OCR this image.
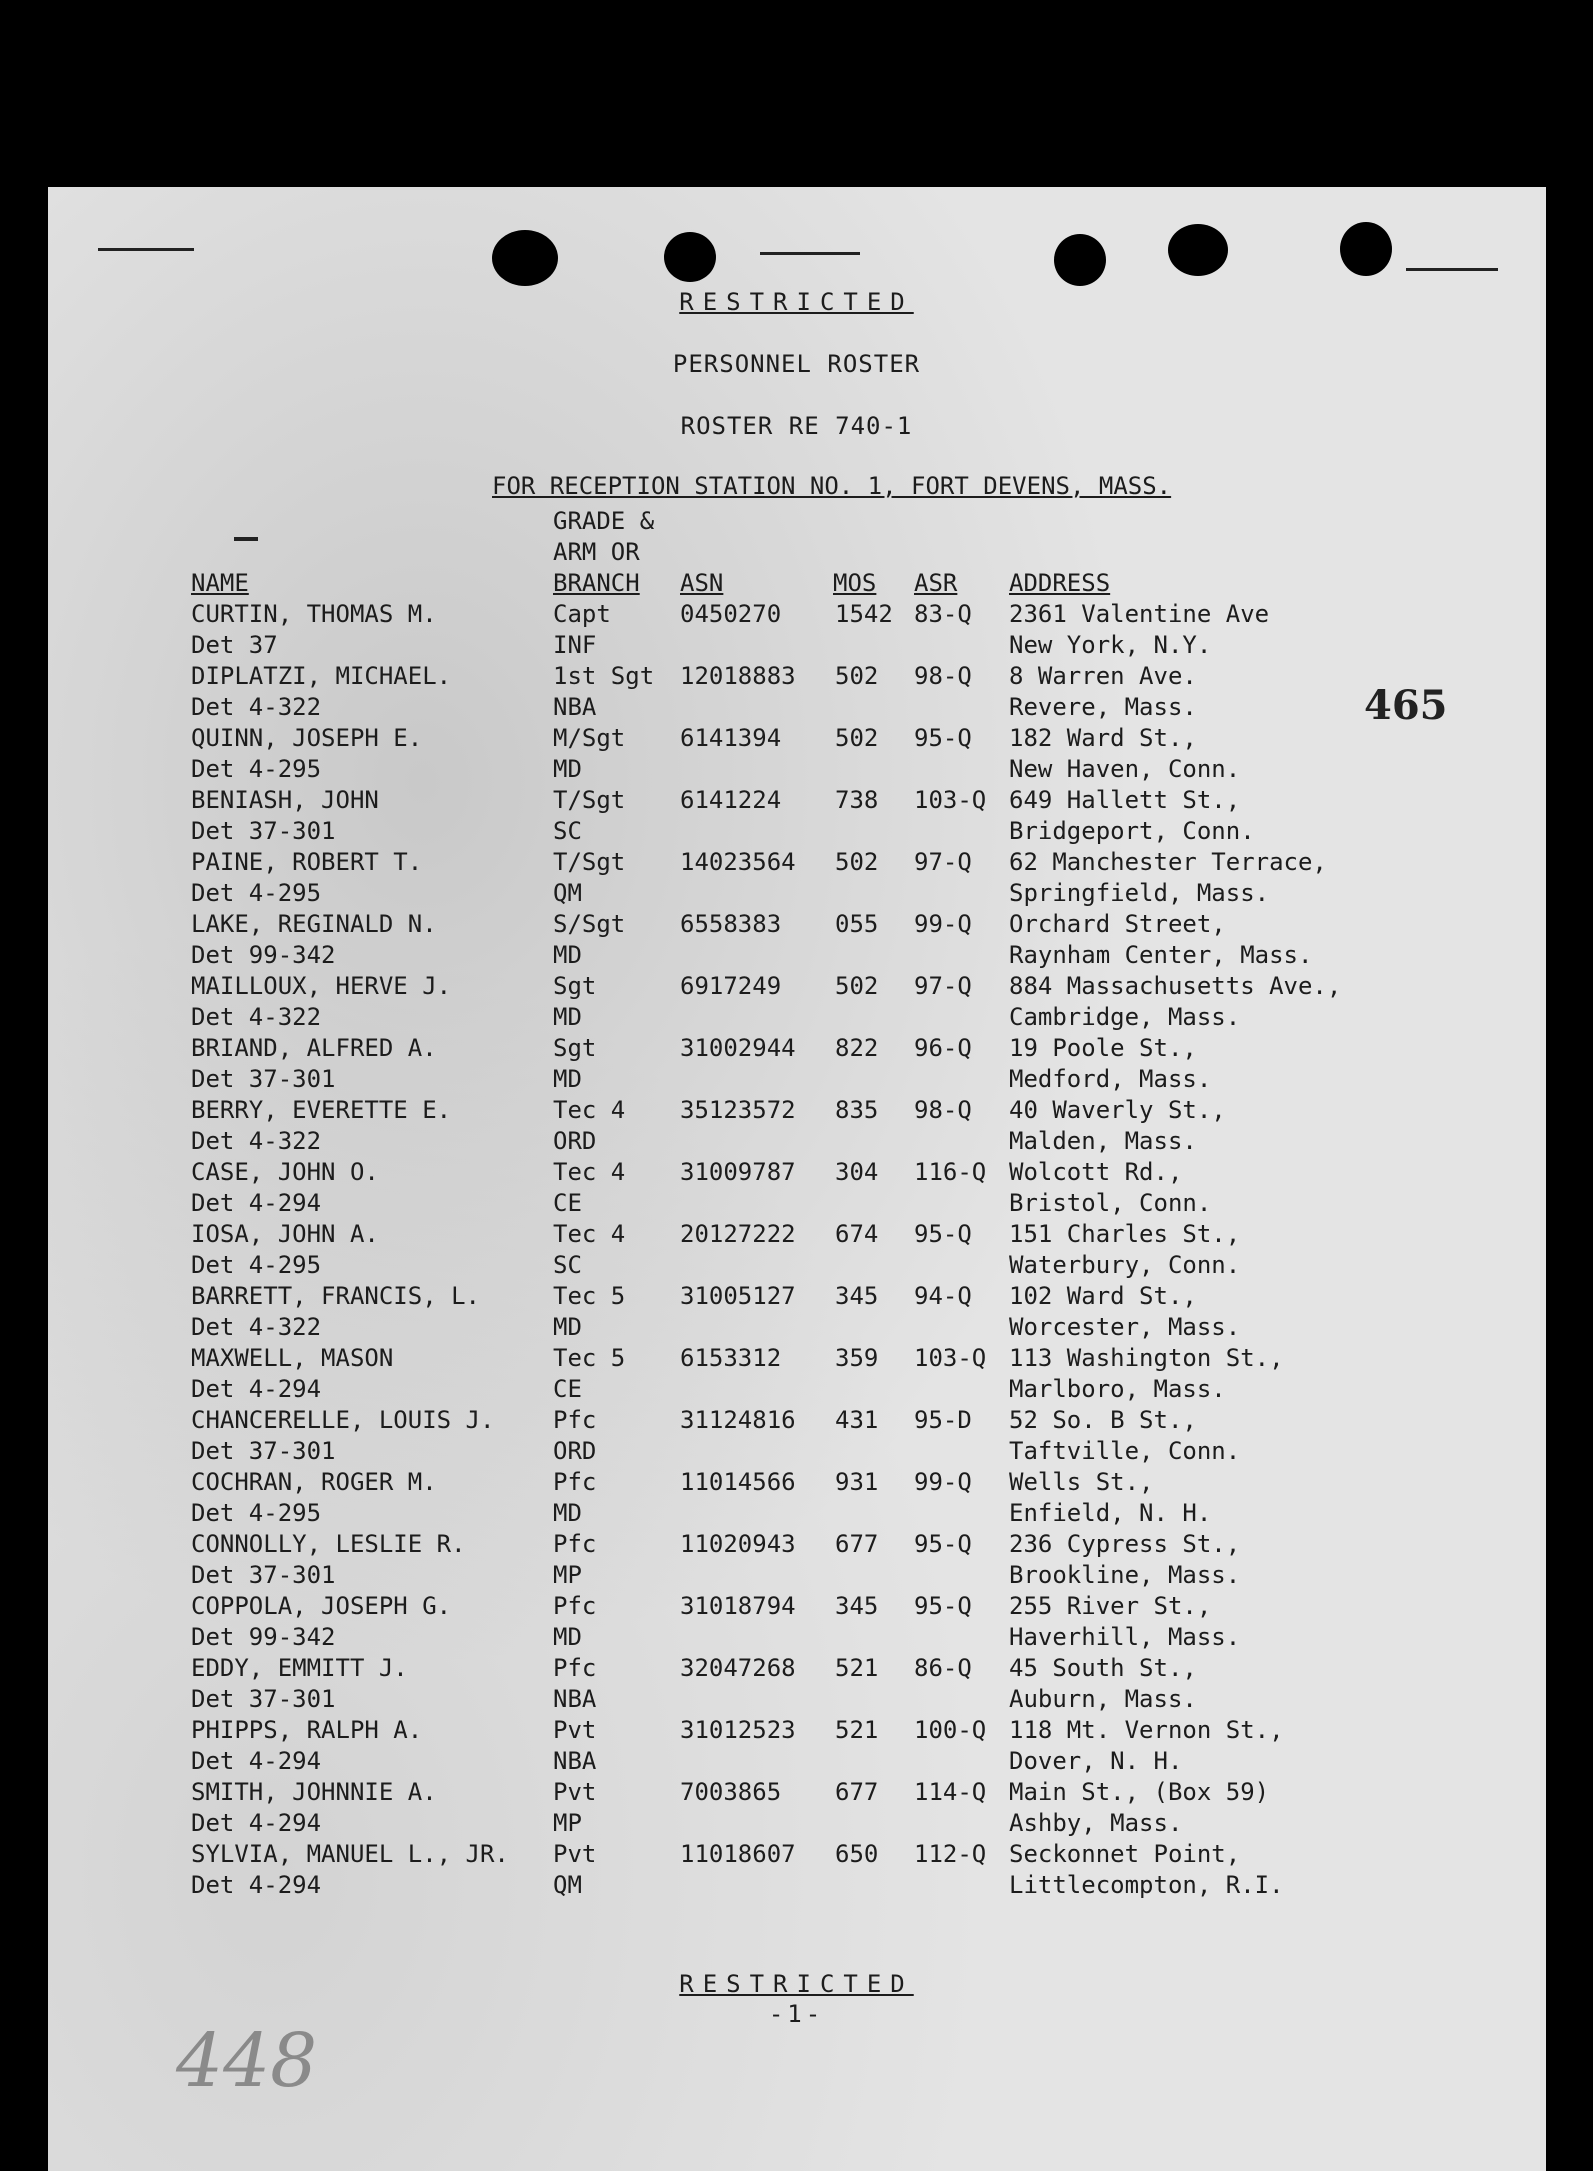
RESTRICTED
PERSONNEL ROSTER
ROSTER RE 740-1
FOR RECEPTION STATION NO. 1, FORT DEVENS, MASS.
NAME
GRADE &
ARM OR
BRANCH	ASN	MOS ASR ADDRESS
CURTIN, THOMAS M.
Det 37
Capt
INF
0450270 1542 83-Q 2361 Valentine Ave
New York, N.Y.
DIPLATZI, MICHAEL.
Det 4-322
1st Sgt
NBA
12018883 502 98-Q 8 Warren Ave.
Revere, Mass.
QUINN, JOSEPH E.
Det 4-295
M/Sgt
MD
6141394 502 95-Q 182 Ward St.,
New Haven, Conn.
BENIASH, JOHN
Det 37-301
T/Sgt
SC
6141224 738 103-Q 649 Hallett St.,
Bridgeport, Conn.
PAINE, ROBERT T.
Det 4-295
T/Sgt
QM
14023564 502 97-Q 62 Manchester Terrace,
Springfield, Mass.
LAKE, REGINALD N.
Det 99-342
S/Sgt
MD
6558383 055 99-Q Orchard Street,
Raynham Center, Mass.
MAILLOUX, HERVE J.
Det 4-322
Sgt
MD
6917249 502 97-Q 884 Massachusetts Ave.,
Cambridge, Mass.
BRIAND, ALFRED A.
Det 37-301
Sgt
MD
31002944 822 96-Q 19 Poole St.,
Medford, Mass.
BERRY, EVERETTE E.
Det 4-322
Tec 4
ORD
35123572 835 98-Q 40 Waverly St.,
Malden, Mass.
CASE, JOHN O.
Det 4-294
Tec 4
CE
31009787 304 116-Q Wolcott Rd.,
Bristol, Conn.
IOSA, JOHN A.
Det 4-295
Tec 4
SC
20127222 674 95-Q 151 Charles St.,
Waterbury, Conn.
BARRETT, FRANCIS, L.
Det 4-322
Tec 5
MD
31005127 345 94-Q 102 Ward St.,
Worcester, Mass.
MAXWELL, MASON
Det 4-294
Tec 5
CE
6153312 359 103-Q 113 Washington St.,
Marlboro, Mass.
CHANCERELLE, LOUIS J.
Det 37-301
Pfc
ORD
31124816 431 95-D 52 So. B St.,
Taftville, Conn.
COCHRAN, ROGER M.
Det 4-295
Pfc
MD
11014566 931 99-Q Wells St.,
Enfield, N. H.
CONNOLLY, LESLIE R.
Det 37-301
Pfc
MP
11020943 677 95-Q 236 Cypress St.,
Brookline, Mass.
COPPOLA, JOSEPH G.
Det 99-342
Pfc
MD
31018794 345 95-Q 255 River St.,
Haverhill, Mass.
EDDY, EMMITT J.
Det 37-301
Pfc
NBA
32047268 521 86-Q 45 South St.,
Auburn, Mass.
PHIPPS, RALPH A.
Det 4-294
Pvt
NBA
31012523 521 100-Q 118 Mt. Vernon St.,
Dover, N. H.
SMITH, JOHNNIE A.
Det 4-294
Pvt
MP
7003865 677 114-Q Main St., (Box 59)
Ashby, Mass.
SYLVIA, MANUEL L., JR.
Det 4-294
Pvt
QM
11018607 650 112-Q Seckonnet Point,
Littlecompton, R.I.
465
RESTRICTED
-1-
448
